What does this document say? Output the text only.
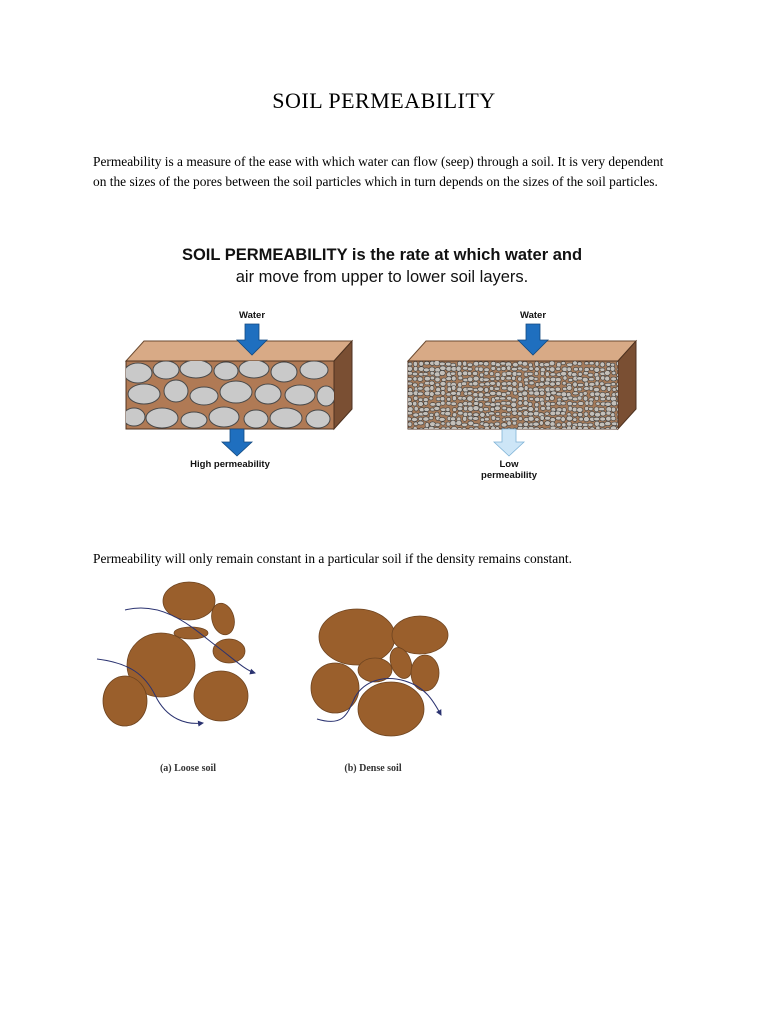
SOIL PERMEABILITY
Permeability is a measure of the ease with which water can flow (seep) through a soil. It is very dependent on the sizes of the pores between the soil particles which in turn depends on the sizes of the soil particles.
SOIL PERMEABILITY is the rate at which water and
air move from upper to lower soil layers.
Water	Water
High permeability	Low
permeability
Permeability will only remain constant in a particular soil if the density remains constant.
(a) Loose soil	(b) Dense soil
